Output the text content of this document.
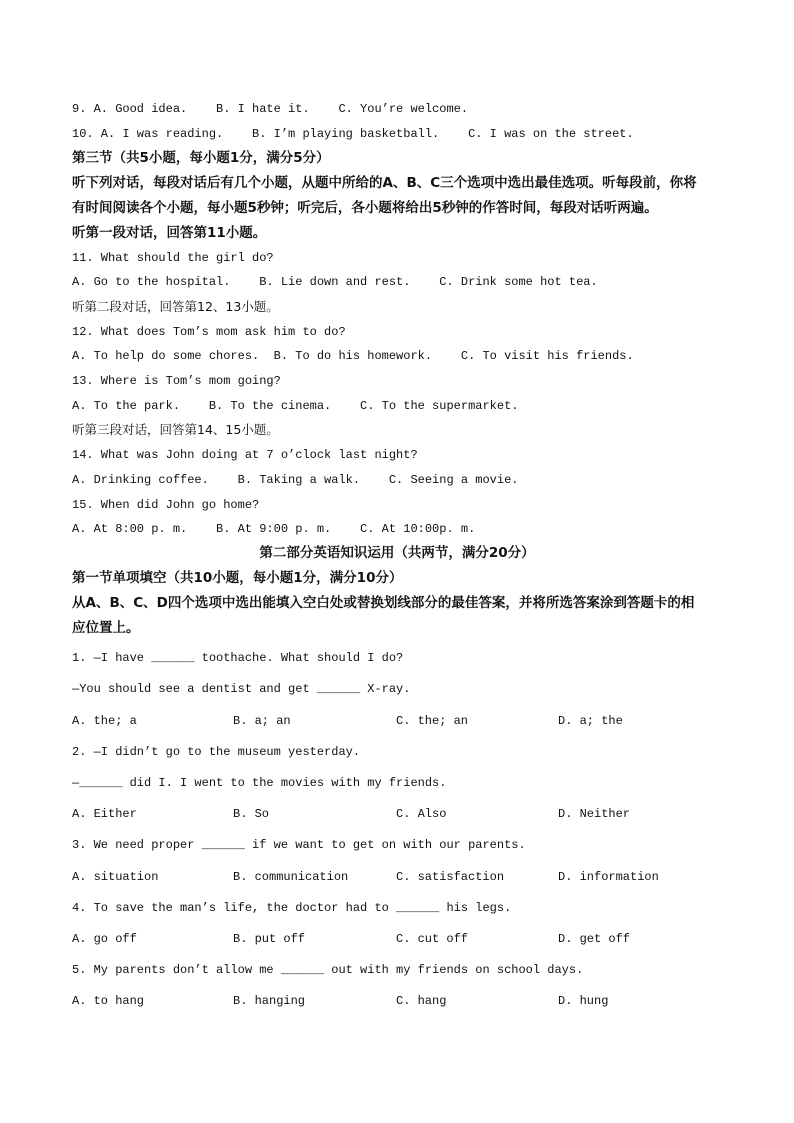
9. A. Good idea.    B. I hate it.    C. You’re welcome.
10. A. I was reading.    B. I’m playing basketball.    C. I was on the street.
第三节（共5小题，每小题1分，满分5分）
听下列对话，每段对话后有几个小题，从题中所给的A、B、C三个选项中选出最佳选项。听每段前，你将
有时间阅读各个小题，每小题5秒钟；听完后，各小题将给出5秒钟的作答时间，每段对话听两遍。
听第一段对话，回答第11小题。
11. What should the girl do?
A. Go to the hospital.    B. Lie down and rest.    C. Drink some hot tea.
听第二段对话，回答第12、13小题。
12. What does Tom’s mom ask him to do?
A. To help do some chores.  B. To do his homework.    C. To visit his friends.
13. Where is Tom’s mom going?
A. To the park.    B. To the cinema.    C. To the supermarket.
听第三段对话，回答第14、15小题。
14. What was John doing at 7 o’clock last night?
A. Drinking coffee.    B. Taking a walk.    C. Seeing a movie.
15. When did John go home?
A. At 8:00 p. m.    B. At 9:00 p. m.    C. At 10:00p. m.
第二部分英语知识运用（共两节，满分20分）
第一节单项填空（共10小题，每小题1分，满分10分）
从A、B、C、D四个选项中选出能填入空白处或替换划线部分的最佳答案，并将所选答案涂到答题卡的相
应位置上。
1. —I have ______ toothache. What should I do?
—You should see a dentist and get ______ X-ray.
A. the; a	B. a; an	C. the; an	D. a; the
2. —I didn’t go to the museum yesterday.
—______ did I. I went to the movies with my friends.
A. Either	B. So	C. Also	D. Neither
3. We need proper ______ if we want to get on with our parents.
A. situation	B. communication	C. satisfaction	D. information
4. To save the man’s life, the doctor had to ______ his legs.
A. go off	B. put off	C. cut off	D. get off
5. My parents don’t allow me ______ out with my friends on school days.
A. to hang	B. hanging	C. hang	D. hung
